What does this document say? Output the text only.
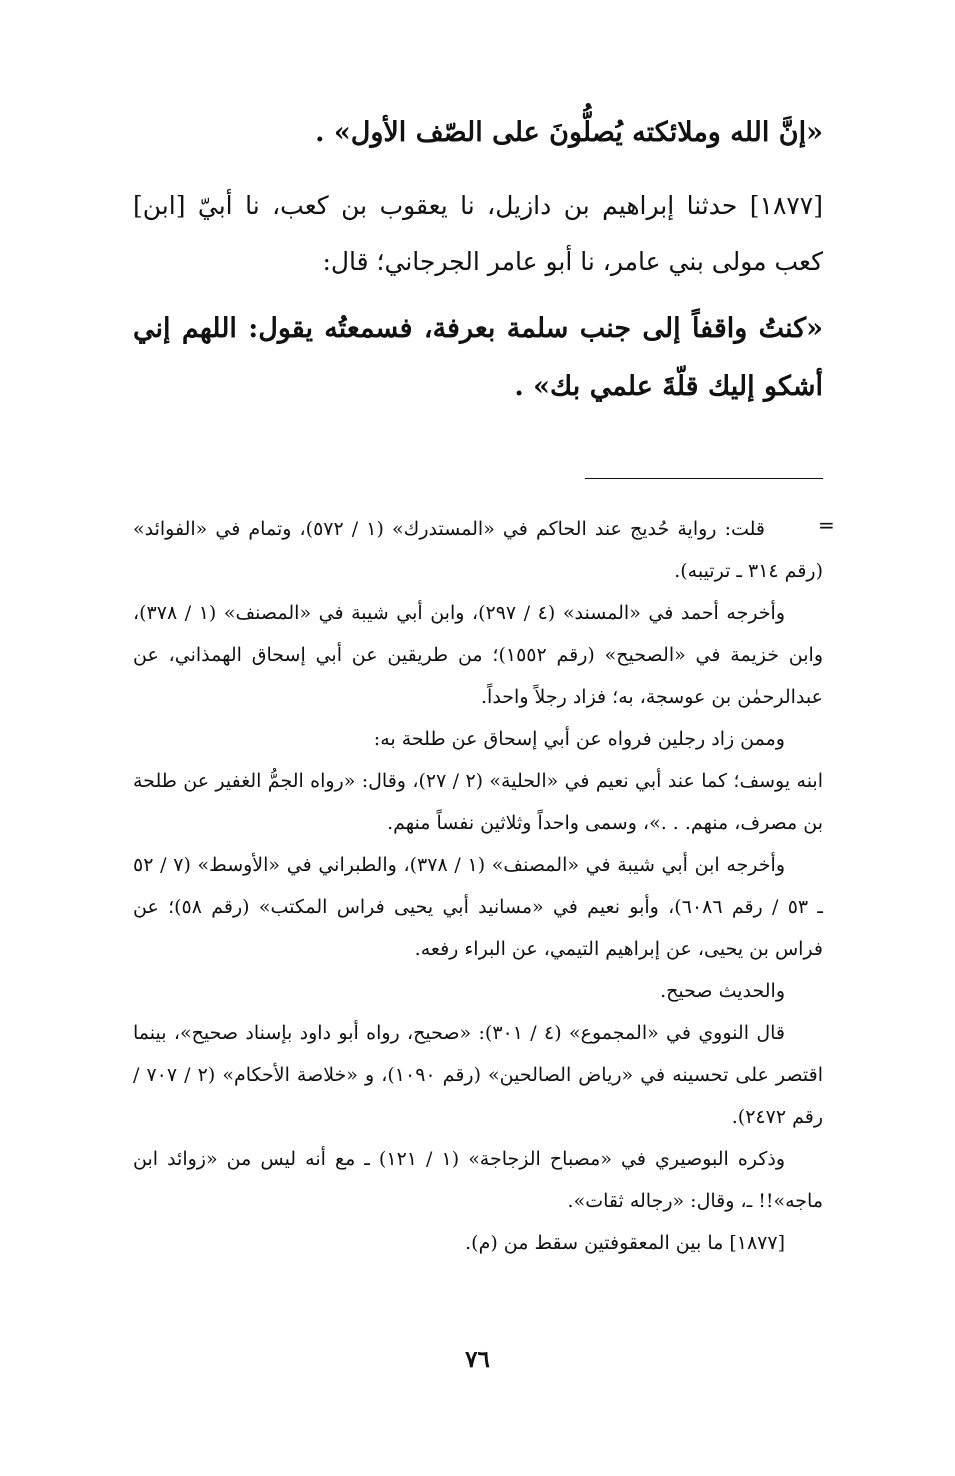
«إنَّ الله وملائكته يُصلُّونَ على الصّف الأول» .

[١٨٧٧] حدثنا إبراهيم بن دازيل، نا يعقوب بن كعب، نا أبيّ [ابن] كعب مولى بني عامر، نا أبو عامر الجرجاني؛ قال:

«كنتُ واقفاً إلى جنب سلمة بعرفة، فسمعتُه يقول: اللهم إني أشكو إليك قلّةَ علمي بك» .

=

قلت: رواية حُديج عند الحاكم في «المستدرك» (١ / ٥٧٢)، وتمام في «الفوائد» (رقم ٣١٤ ـ ترتيبه).

وأخرجه أحمد في «المسند» (٤ / ٢٩٧)، وابن أبي شيبة في «المصنف» (١ / ٣٧٨)، وابن خزيمة في «الصحيح» (رقم ١٥٥٢)؛ من طريقين عن أبي إسحاق الهمذاني، عن عبدالرحمٰن بن عوسجة، به؛ فزاد رجلاً واحداً.

وممن زاد رجلين فرواه عن أبي إسحاق عن طلحة به:

ابنه يوسف؛ كما عند أبي نعيم في «الحلية» (٢ / ٢٧)، وقال: «رواه الجمُّ الغفير عن طلحة بن مصرف، منهم. . .»، وسمى واحداً وثلاثين نفساً منهم.

وأخرجه ابن أبي شيبة في «المصنف» (١ / ٣٧٨)، والطبراني في «الأوسط» (٧ / ٥٢ ـ ٥٣ / رقم ٦٠٨٦)، وأبو نعيم في «مسانيد أبي يحيى فراس المكتب» (رقم ٥٨)؛ عن فراس بن يحيى، عن إبراهيم التيمي، عن البراء رفعه.

والحديث صحيح.

قال النووي في «المجموع» (٤ / ٣٠١): «صحيح، رواه أبو داود بإسناد صحيح»، بينما اقتصر على تحسينه في «رياض الصالحين» (رقم ١٠٩٠)، و «خلاصة الأحكام» (٢ / ٧٠٧ / رقم ٢٤٧٢).

وذكره البوصيري في «مصباح الزجاجة» (١ / ١٢١) ـ مع أنه ليس من «زوائد ابن ماجه»!! ـ، وقال: «رجاله ثقات».

[١٨٧٧] ما بين المعقوفتين سقط من (م).

٧٦
